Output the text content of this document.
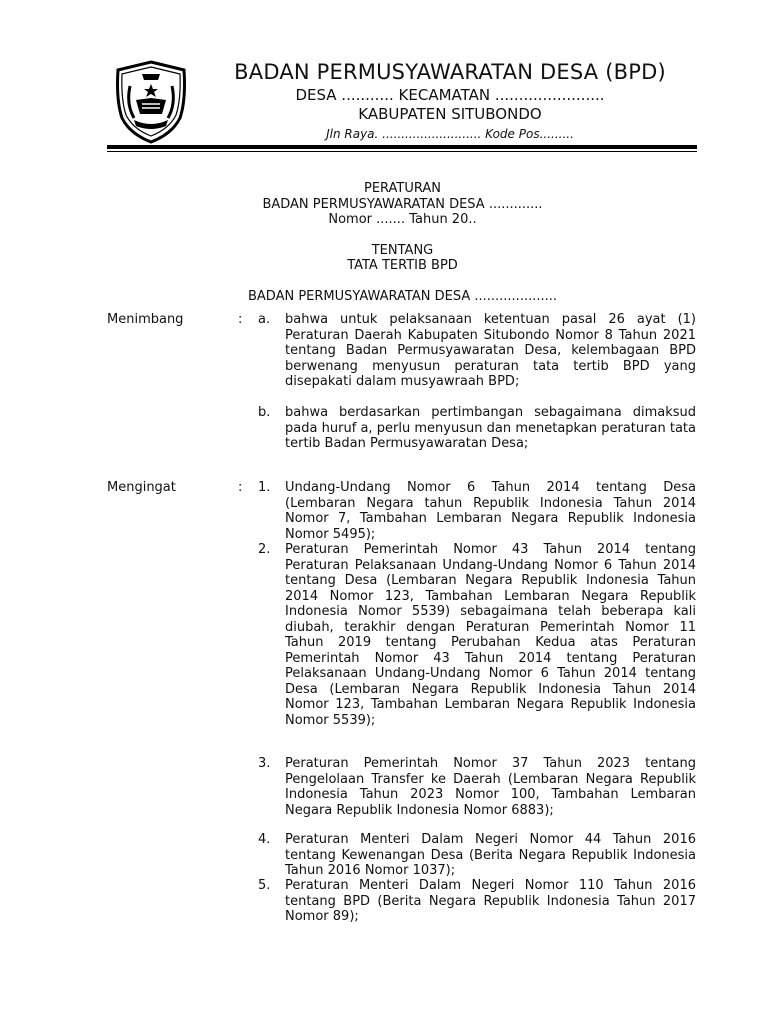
BADAN PERMUSYAWARATAN DESA (BPD)
DESA ........... KECAMATAN .......................
KABUPATEN SITUBONDO
Jln Raya. .......................... Kode Pos.........
PERATURAN
BADAN PERMUSYAWARATAN DESA .............
Nomor ....... Tahun 20..
TENTANG
TATA TERTIB BPD
BADAN PERMUSYAWARATAN DESA ....................
Menimbang	: a. bahwa untuk pelaksanaan ketentuan pasal 26 ayat (1) Peraturan Daerah Kabupaten Situbondo Nomor 8 Tahun 2021 tentang Badan Permusyawaratan Desa, kelembagaan BPD berwenang menyusun peraturan tata tertib BPD yang disepakati dalam musyawraah BPD;
b. bahwa berdasarkan pertimbangan sebagaimana dimaksud pada huruf a, perlu menyusun dan menetapkan peraturan tata tertib Badan Permusyawaratan Desa;
Mengingat	: 1. Undang-Undang Nomor 6 Tahun 2014 tentang Desa (Lembaran Negara tahun Republik Indonesia Tahun 2014 Nomor 7, Tambahan Lembaran Negara Republik Indonesia Nomor 5495);
2. Peraturan Pemerintah Nomor 43 Tahun 2014 tentang Peraturan Pelaksanaan Undang-Undang Nomor 6 Tahun 2014 tentang Desa (Lembaran Negara Republik Indonesia Tahun 2014 Nomor 123, Tambahan Lembaran Negara Republik Indonesia Nomor 5539) sebagaimana telah beberapa kali diubah, terakhir dengan Peraturan Pemerintah Nomor 11 Tahun 2019 tentang Perubahan Kedua atas Peraturan Pemerintah Nomor 43 Tahun 2014 tentang Peraturan Pelaksanaan Undang-Undang Nomor 6 Tahun 2014 tentang Desa (Lembaran Negara Republik Indonesia Tahun 2014 Nomor 123, Tambahan Lembaran Negara Republik Indonesia Nomor 5539);
3. Peraturan Pemerintah Nomor 37 Tahun 2023 tentang Pengelolaan Transfer ke Daerah (Lembaran Negara Republik Indonesia Tahun 2023 Nomor 100, Tambahan Lembaran Negara Republik Indonesia Nomor 6883);
4. Peraturan Menteri Dalam Negeri Nomor 44 Tahun 2016 tentang Kewenangan Desa (Berita Negara Republik Indonesia Tahun 2016 Nomor 1037);
5. Peraturan Menteri Dalam Negeri Nomor 110 Tahun 2016 tentang BPD (Berita Negara Republik Indonesia Tahun 2017 Nomor 89);
